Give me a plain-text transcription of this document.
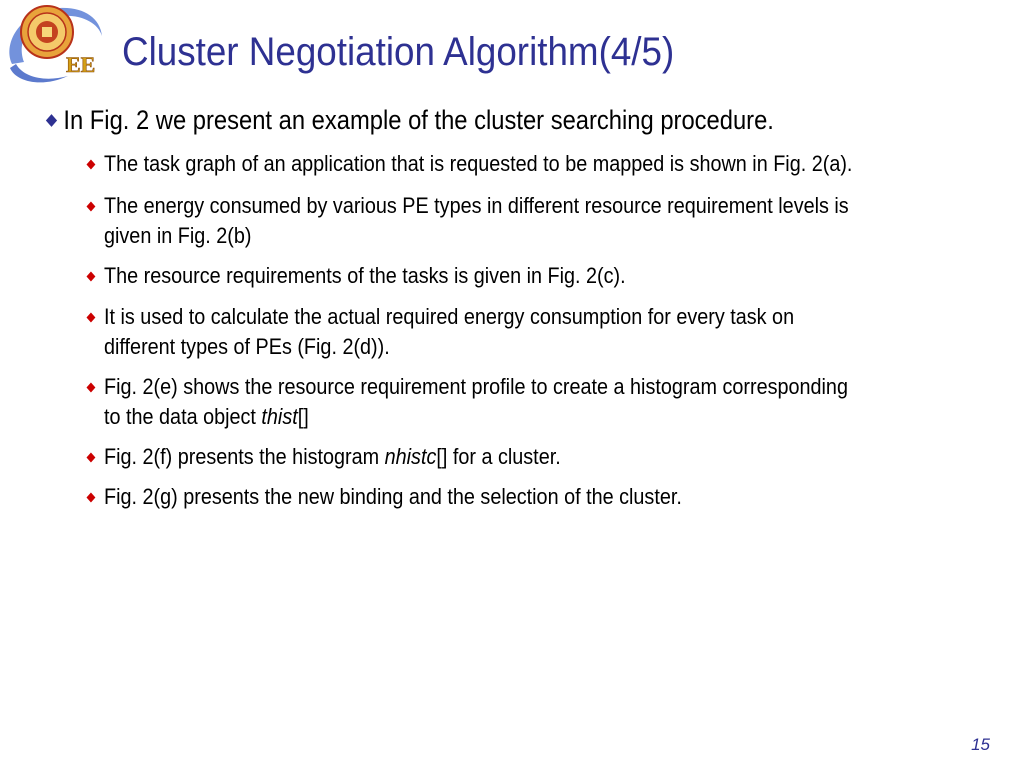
EE Cluster Negotiation Algorithm(4/5)
In Fig. 2 we present an example of the cluster searching procedure.
The task graph of an application that is requested to be mapped is shown in Fig. 2(a).
The energy consumed by various PE types in different resource requirement levels is
given in Fig. 2(b)
The resource requirements of the tasks is given in Fig. 2(c).
It is used to calculate the actual required energy consumption for every task on
different types of PEs (Fig. 2(d)).
Fig. 2(e) shows the resource requirement profile to create a histogram corresponding
to the data object thist[]
Fig. 2(f) presents the histogram nhistc[] for a cluster.
Fig. 2(g) presents the new binding and the selection of the cluster.
15
